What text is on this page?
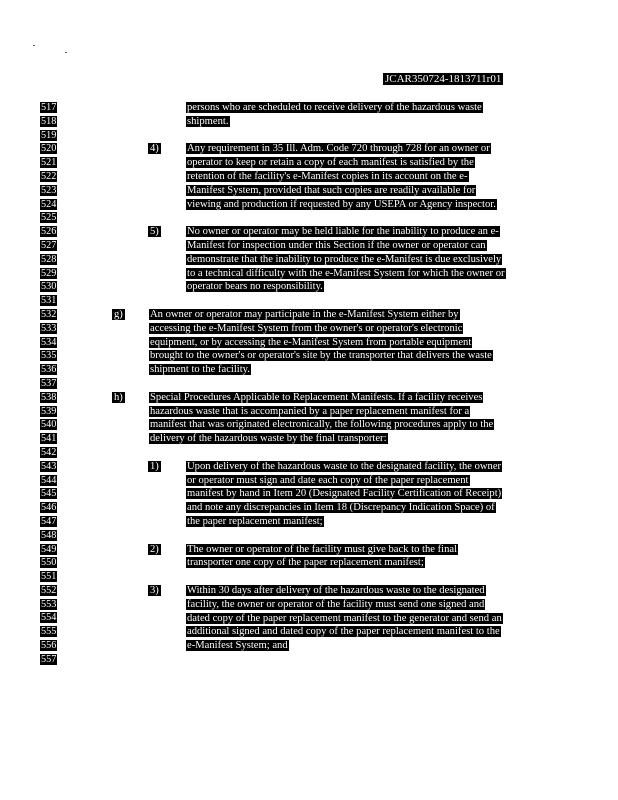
JCAR350724-1813711r01
517
518
519
520
521
522
523
524
525
526
527
528
529
530
531
532
533
534
535
536
537
538
539
540
541
542
543
544
545
546
547
548
549
550
551
552
553
554
555
556
557
persons who are scheduled to receive delivery of the hazardous waste
shipment.
4)	Any requirement in 35 Ill. Adm. Code 720 through 728 for an owner or
operator to keep or retain a copy of each manifest is satisfied by the
retention of the facility's e-Manifest copies in its account on the e-
Manifest System, provided that such copies are readily available for
viewing and production if requested by any USEPA or Agency inspector.
5)	No owner or operator may be held liable for the inability to produce an e-
Manifest for inspection under this Section if the owner or operator can
demonstrate that the inability to produce the e-Manifest is due exclusively
to a technical difficulty with the e-Manifest System for which the owner or
operator bears no responsibility.
g)	An owner or operator may participate in the e-Manifest System either by
accessing the e-Manifest System from the owner's or operator's electronic
equipment, or by accessing the e-Manifest System from portable equipment
brought to the owner's or operator's site by the transporter that delivers the waste
shipment to the facility.
h)	Special Procedures Applicable to Replacement Manifests. If a facility receives
hazardous waste that is accompanied by a paper replacement manifest for a
manifest that was originated electronically, the following procedures apply to the
delivery of the hazardous waste by the final transporter:
1)	Upon delivery of the hazardous waste to the designated facility, the owner
or operator must sign and date each copy of the paper replacement
manifest by hand in Item 20 (Designated Facility Certification of Receipt)
and note any discrepancies in Item 18 (Discrepancy Indication Space) of
the paper replacement manifest;
2)	The owner or operator of the facility must give back to the final
transporter one copy of the paper replacement manifest;
3)	Within 30 days after delivery of the hazardous waste to the designated
facility, the owner or operator of the facility must send one signed and
dated copy of the paper replacement manifest to the generator and send an
additional signed and dated copy of the paper replacement manifest to the
e-Manifest System; and
